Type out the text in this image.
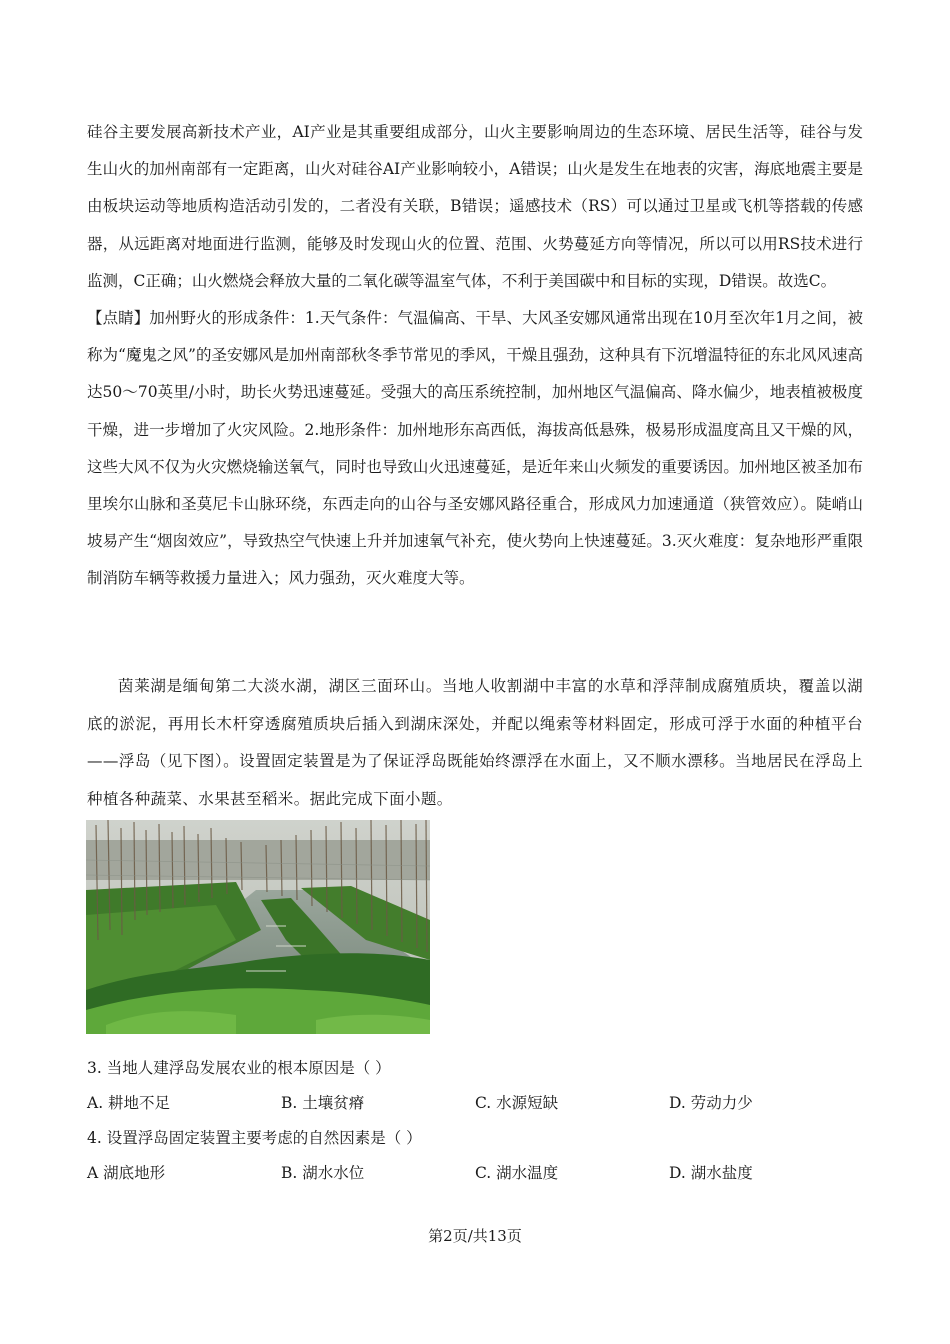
硅谷主要发展高新技术产业，AI产业是其重要组成部分，山火主要影响周边的生态环境、居民生活等，硅谷与发生山火的加州南部有一定距离，山火对硅谷AI产业影响较小，A错误；山火是发生在地表的灾害，海底地震主要是由板块运动等地质构造活动引发的，二者没有关联，B错误；遥感技术（RS）可以通过卫星或飞机等搭载的传感器，从远距离对地面进行监测，能够及时发现山火的位置、范围、火势蔓延方向等情况，所以可以用RS技术进行监测，C正确；山火燃烧会释放大量的二氧化碳等温室气体，不利于美国碳中和目标的实现，D错误。故选C。

【点睛】加州野火的形成条件：1.天气条件：气温偏高、干旱、大风圣安娜风通常出现在10月至次年1月之间，被称为“魔鬼之风”的圣安娜风是加州南部秋冬季节常见的季风，干燥且强劲，这种具有下沉增温特征的东北风风速高达50〜70英里/小时，助长火势迅速蔓延。受强大的高压系统控制，加州地区气温偏高、降水偏少，地表植被极度干燥，进一步增加了火灾风险。2.地形条件：加州地形东高西低，海拔高低悬殊，极易形成温度高且又干燥的风，这些大风不仅为火灾燃烧输送氧气，同时也导致山火迅速蔓延，是近年来山火频发的重要诱因。加州地区被圣加布里埃尔山脉和圣莫尼卡山脉环绕，东西走向的山谷与圣安娜风路径重合，形成风力加速通道（狭管效应）。陡峭山坡易产生“烟囱效应”，导致热空气快速上升并加速氧气补充，使火势向上快速蔓延。3.灭火难度：复杂地形严重限制消防车辆等救援力量进入；风力强劲，灭火难度大等。

茵莱湖是缅甸第二大淡水湖，湖区三面环山。当地人收割湖中丰富的水草和浮萍制成腐殖质块，覆盖以湖底的淤泥，再用长木杆穿透腐殖质块后插入到湖床深处，并配以绳索等材料固定，形成可浮于水面的种植平台——浮岛（见下图）。设置固定装置是为了保证浮岛既能始终漂浮在水面上，又不顺水漂移。当地居民在浮岛上种植各种蔬菜、水果甚至稻米。据此完成下面小题。

3. 当地人建浮岛发展农业的根本原因是（ ）
A. 耕地不足	B. 土壤贫瘠	C. 水源短缺	D. 劳动力少
4. 设置浮岛固定装置主要考虑的自然因素是（ ）
A 湖底地形	B. 湖水水位	C. 湖水温度	D. 湖水盐度
第2页/共13页
